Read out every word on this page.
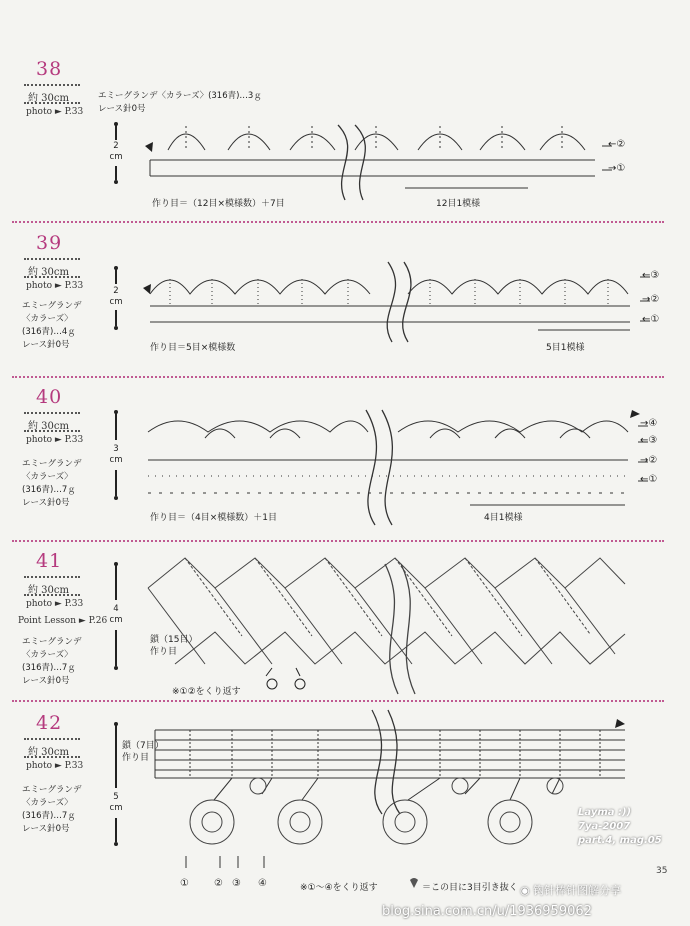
38
約 30cm
photo ► P.33
エミーグランデ〈カラーズ〉(316青)…3ｇ
レース針0号
2
cm
←②
→①
作り目＝（12目×模様数）＋7目	12目1模様
39
約 30cm
photo ► P.33
エミーグランデ
〈カラーズ〉
(316青)…4ｇ
レース針0号
2
cm
←③
→②
←①
作り目＝5目×模様数	5目1模様
40
約 30cm
photo ► P.33
エミーグランデ
〈カラーズ〉
(316青)…7ｇ
レース針0号
3
cm
→④
←③
→②
←①
作り目＝（4目×模様数）＋1目	4目1模様
41
約 30cm
photo ► P.33
Point Lesson ► P.26
エミーグランデ
〈カラーズ〉
(316青)…7ｇ
レース針0号
4
cm
鎖（15目）
作り目
※①②をくり返す
42
約 30cm
photo ► P.33
エミーグランデ
〈カラーズ〉
(316青)…7ｇ
レース針0号
5
cm
鎖（7目）
作り目
①	② ③ ④	※①～④をくり返す	＝この目に3目引き抜く
Layma :))
7ya-2007
part.4, mag.05
35
◉ 钩针棒针图解分享
blog.sina.com.cn/u/1936959062
